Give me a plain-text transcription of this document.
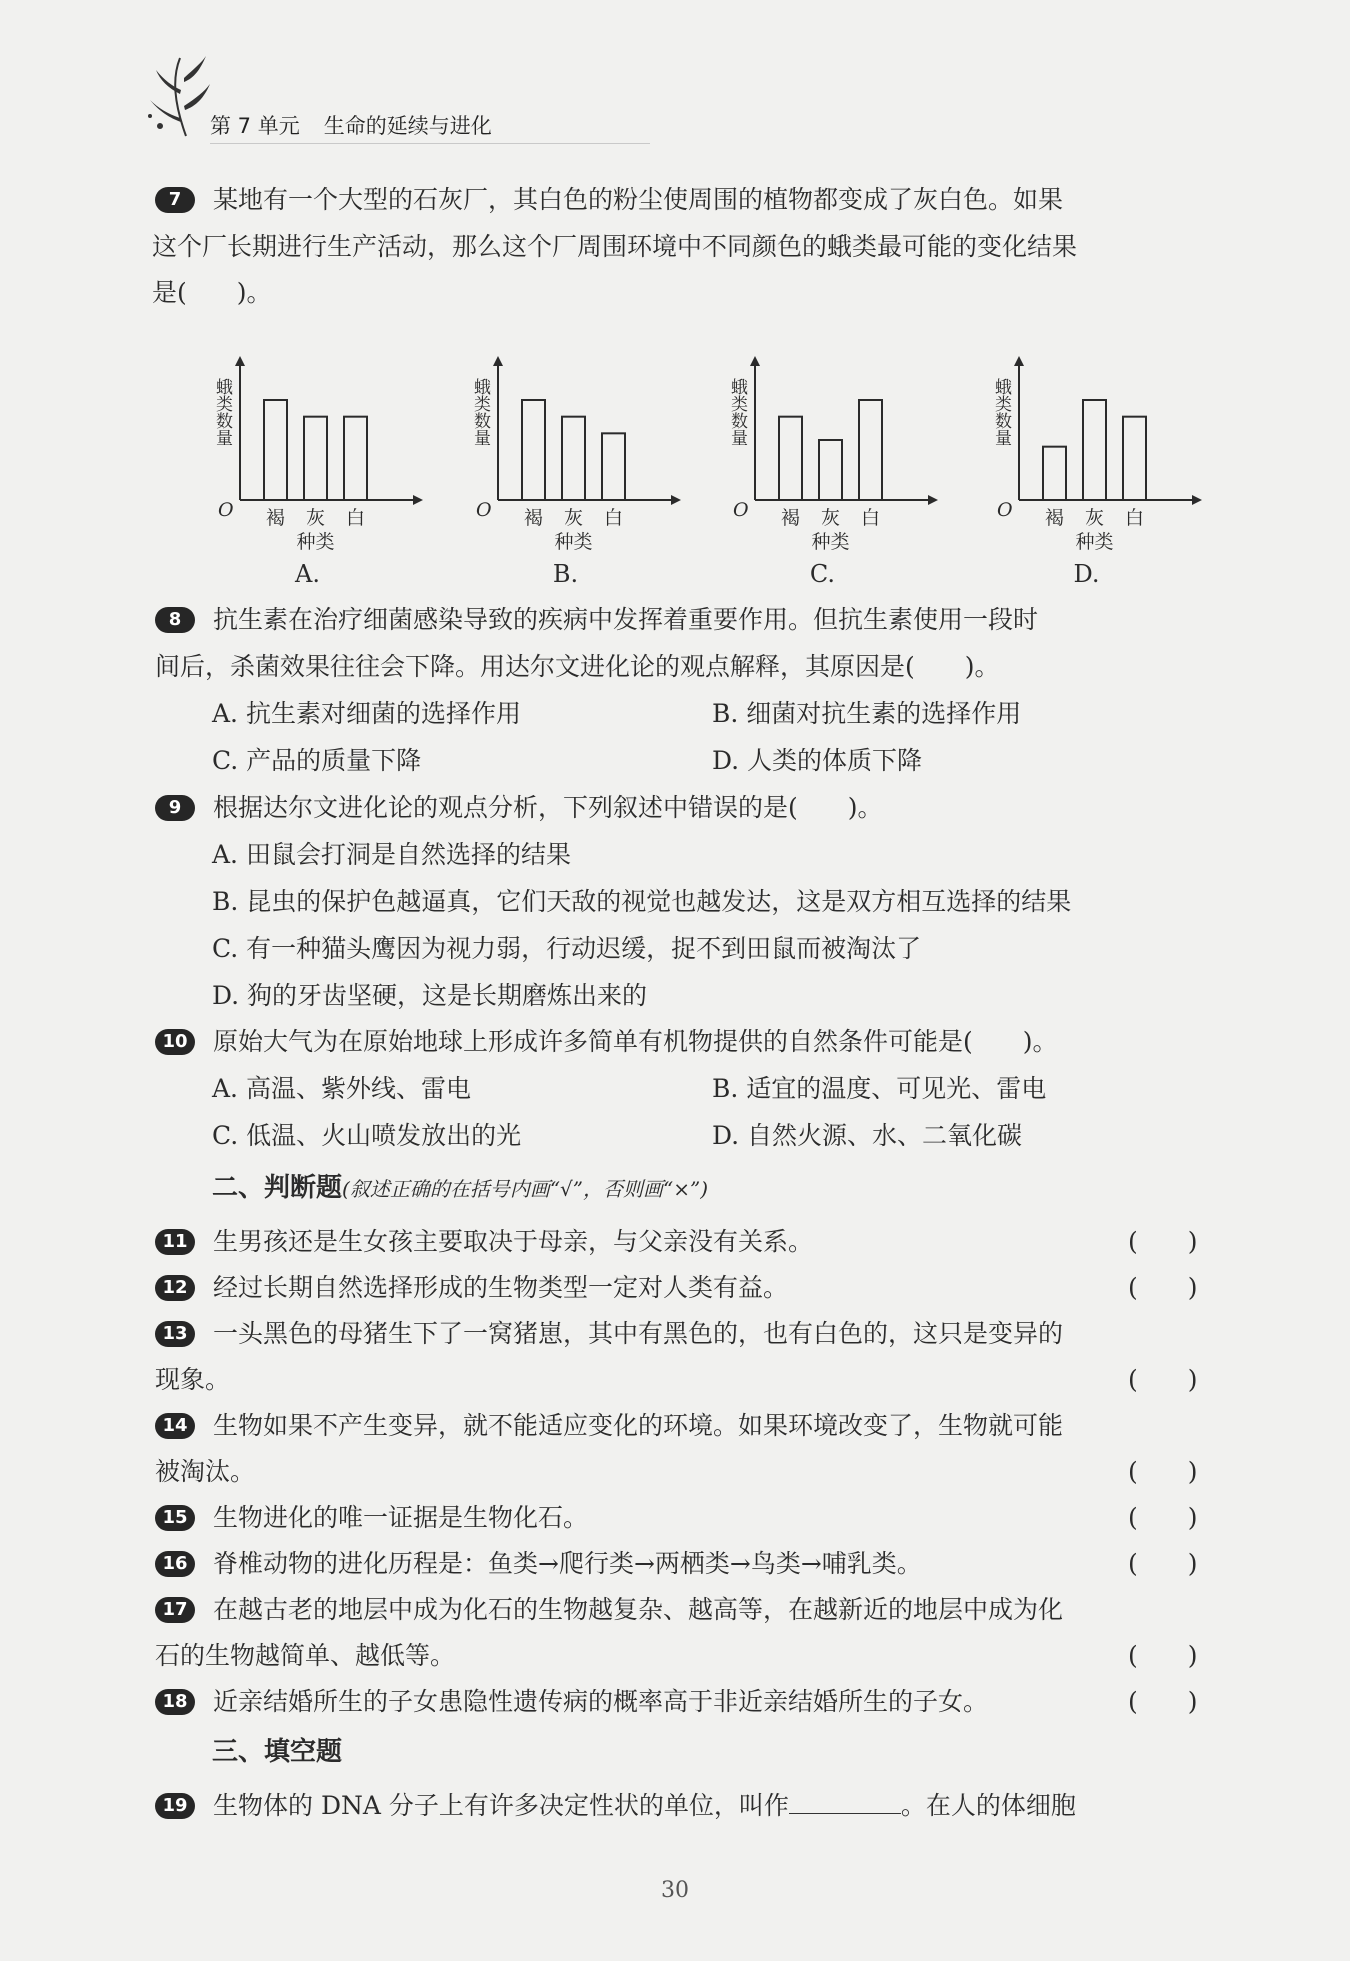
第 7 单元 生命的延续与进化
7 某地有一个大型的石灰厂，其白色的粉尘使周围的植物都变成了灰白色。如果
这个厂长期进行生产活动，那么这个厂周围环境中不同颜色的蛾类最可能的变化结果
是(　　)。
蛾类数量
O 褐 灰 白
种类
A.
蛾类数量
O 褐 灰 白
种类
B.
蛾类数量
O 褐 灰 白
种类
C.
蛾类数量
O 褐 灰 白
种类
D.
8 抗生素在治疗细菌感染导致的疾病中发挥着重要作用。但抗生素使用一段时
间后，杀菌效果往往会下降。用达尔文进化论的观点解释，其原因是(　　)。
A. 抗生素对细菌的选择作用	B. 细菌对抗生素的选择作用
C. 产品的质量下降	D. 人类的体质下降
9 根据达尔文进化论的观点分析，下列叙述中错误的是(　　)。
A. 田鼠会打洞是自然选择的结果
B. 昆虫的保护色越逼真，它们天敌的视觉也越发达，这是双方相互选择的结果
C. 有一种猫头鹰因为视力弱，行动迟缓，捉不到田鼠而被淘汰了
D. 狗的牙齿坚硬，这是长期磨炼出来的
10 原始大气为在原始地球上形成许多简单有机物提供的自然条件可能是(　　)。
A. 高温、紫外线、雷电	B. 适宜的温度、可见光、雷电
C. 低温、火山喷发放出的光	D. 自然火源、水、二氧化碳
二、判断题(叙述正确的在括号内画“√”，否则画“×”)
11 生男孩还是生女孩主要取决于母亲，与父亲没有关系。	(　　)
12 经过长期自然选择形成的生物类型一定对人类有益。	(　　)
13 一头黑色的母猪生下了一窝猪崽，其中有黑色的，也有白色的，这只是变异的
现象。	(　　)
14 生物如果不产生变异，就不能适应变化的环境。如果环境改变了，生物就可能
被淘汰。	(　　)
15 生物进化的唯一证据是生物化石。	(　　)
16 脊椎动物的进化历程是：鱼类→爬行类→两栖类→鸟类→哺乳类。	(　　)
17 在越古老的地层中成为化石的生物越复杂、越高等，在越新近的地层中成为化
石的生物越简单、越低等。	(　　)
18 近亲结婚所生的子女患隐性遗传病的概率高于非近亲结婚所生的子女。	(　　)
三、填空题
19 生物体的 DNA 分子上有许多决定性状的单位，叫作	。在人的体细胞
30
